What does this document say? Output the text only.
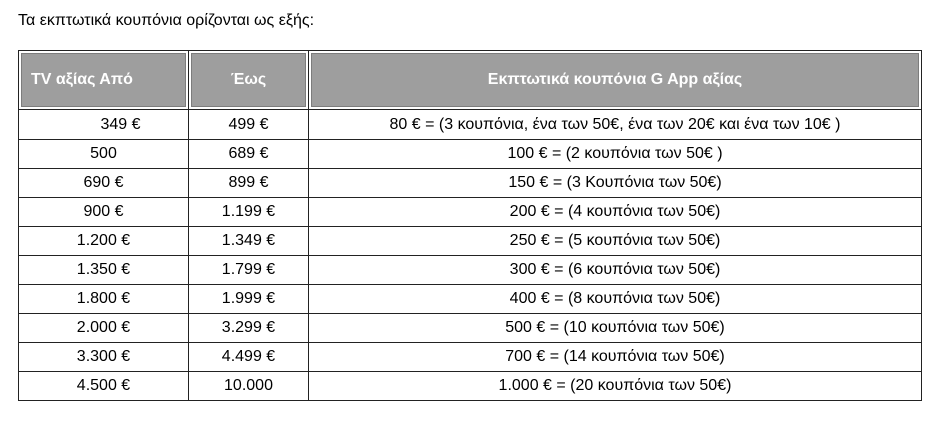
Τα εκπτωτικά κουπόνια ορίζονται ως εξής:
TV αξίας Από	Έως	Εκπτωτικά κουπόνια G App αξίας
349 €	499 €	80 € = (3 κουπόνια, ένα των 50€, ένα των 20€ και ένα των 10€ )
500	689 €	100 € = (2 κουπόνια των 50€ )
690 €	899 €	150 € = (3 Κουπόνια των 50€)
900 €	1.199 €	200 € = (4 κουπόνια των 50€)
1.200 €	1.349 €	250 € = (5 κουπόνια των 50€)
1.350 €	1.799 €	300 € = (6 κουπόνια των 50€)
1.800 €	1.999 €	400 € = (8 κουπόνια των 50€)
2.000 €	3.299 €	500 € = (10 κουπόνια των 50€)
3.300 €	4.499 €	700 € = (14 κουπόνια των 50€)
4.500 €	10.000	1.000 € = (20 κουπόνια των 50€)
